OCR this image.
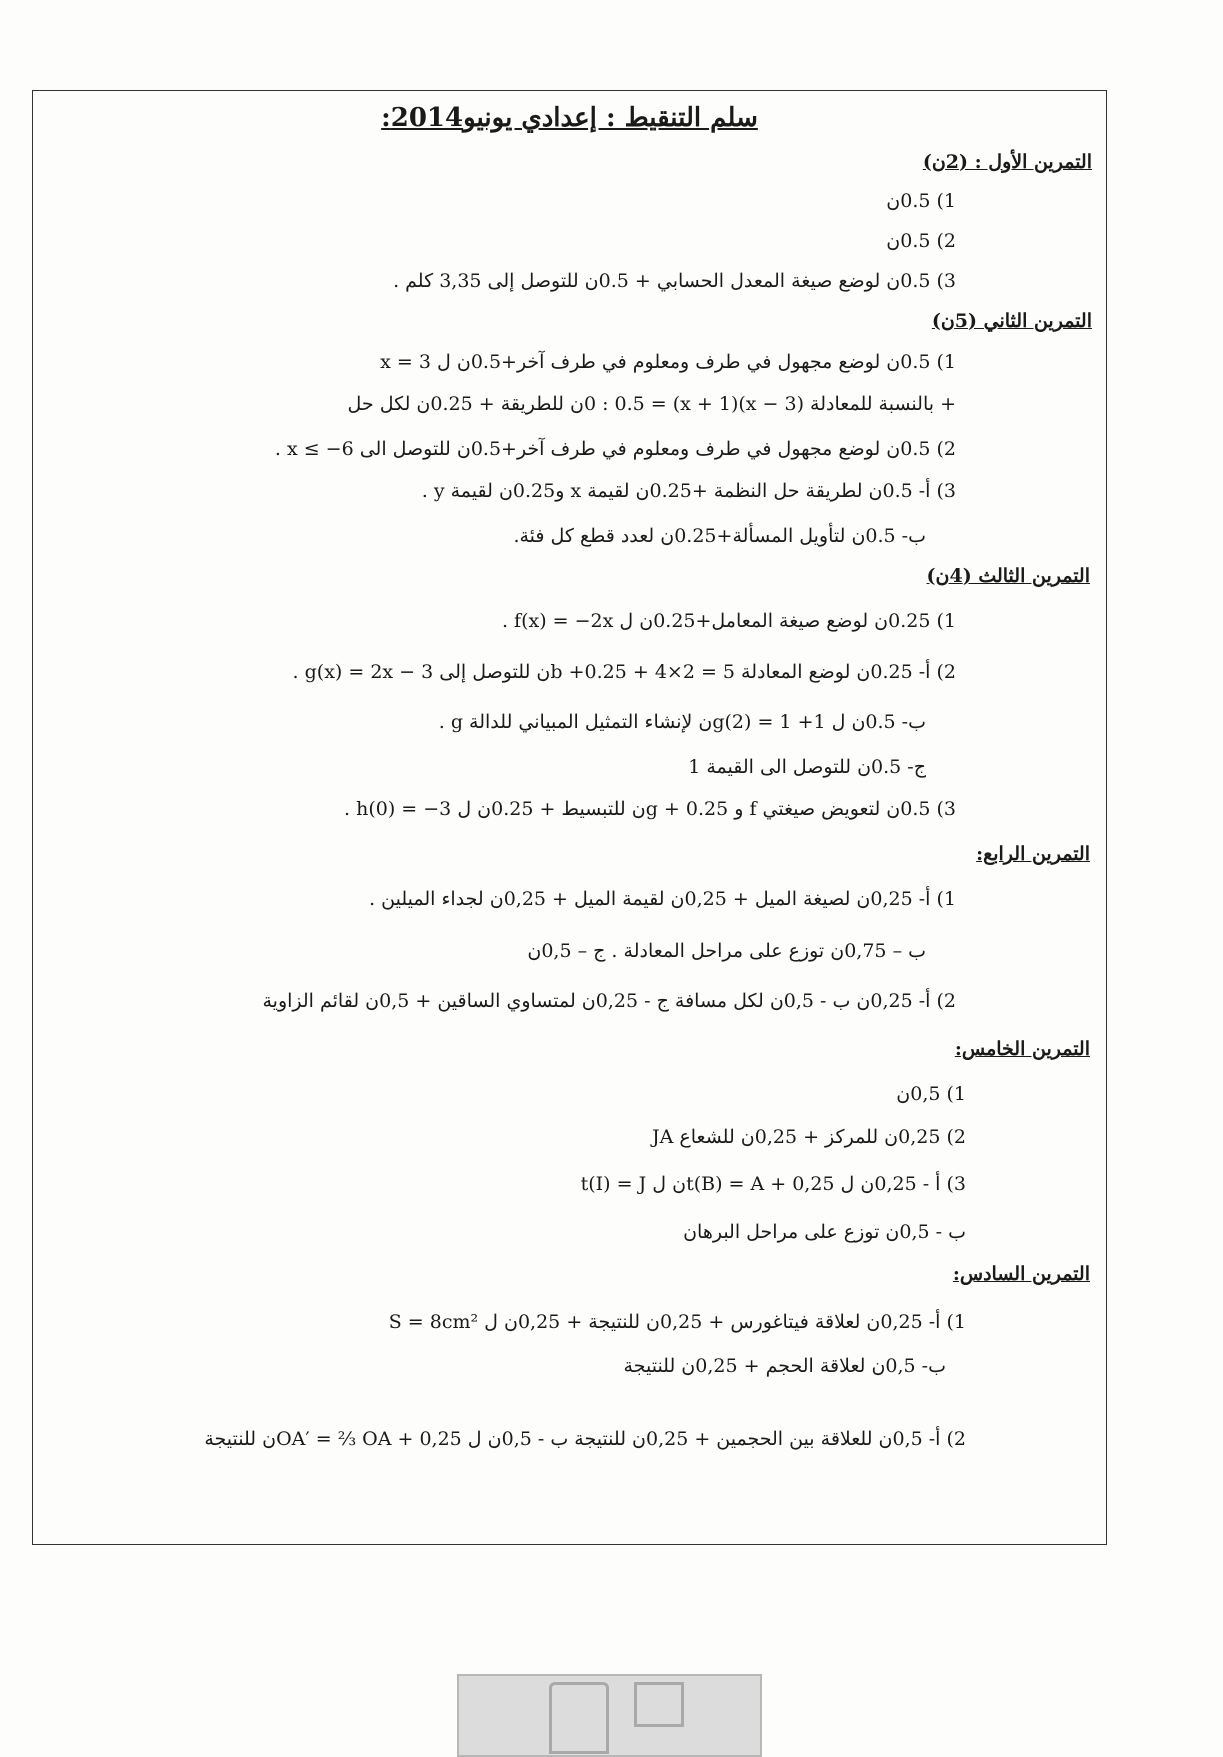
سلم التنقيط : إعدادي يونيو2014:
التمرين الأول : (2ن)
1) 0.5ن
2) 0.5ن
3) 0.5ن لوضع صيغة المعدل الحسابي + 0.5ن للتوصل إلى 3,35 كلم .
التمرين الثاني (5ن)
1) 0.5ن لوضع مجهول في طرف ومعلوم في طرف آخر+0.5ن ل x = 3
+ بالنسبة للمعادلة (3 − x)(x + 1) = 0 : 0.5ن للطريقة + 0.25ن لكل حل
2) 0.5ن لوضع مجهول في طرف ومعلوم في طرف آخر+0.5ن للتوصل الى x ≤ −6 .
3) أ- 0.5ن لطريقة حل النظمة +0.25ن لقيمة x و0.25ن لقيمة y .
ب- 0.5ن لتأويل المسألة+0.25ن لعدد قطع كل فئة.
التمرين الثالث (4ن)
1) 0.25ن لوضع صيغة المعامل+0.25ن ل f(x) = −2x .
2) أ- 0.25ن لوضع المعادلة 5 = 2×4 + b +0.25ن للتوصل إلى g(x) = 2x − 3 .
ب- 0.5ن ل g(2) = 1 +1ن لإنشاء التمثيل المبياني للدالة g .
ج- 0.5ن للتوصل الى القيمة 1
3) 0.5ن لتعويض صيغتي f و g + 0.25ن للتبسيط + 0.25ن ل h(0) = −3 .
التمرين الرابع:
1) أ- 0,25ن لصيغة الميل + 0,25ن لقيمة الميل + 0,25ن لجداء الميلين .
ب – 0,75ن توزع على مراحل المعادلة . ج – 0,5ن
2) أ- 0,25ن ب - 0,5ن لكل مسافة ج - 0,25ن لمتساوي الساقين + 0,5ن لقائم الزاوية
التمرين الخامس:
1) 0,5ن
2) 0,25ن للمركز + 0,25ن للشعاع JA
3) أ - 0,25ن ل t(B) = A + 0,25ن ل t(I) = J
ب - 0,5ن توزع على مراحل البرهان
التمرين السادس:
1) أ- 0,25ن لعلاقة فيتاغورس + 0,25ن للنتيجة + 0,25ن ل S = 8cm²
ب- 0,5ن لعلاقة الحجم + 0,25ن للنتيجة
2) أ- 0,5ن للعلاقة بين الحجمين + 0,25ن للنتيجة ب - 0,5ن ل OA′ = ⅔ OA + 0,25ن للنتيجة
